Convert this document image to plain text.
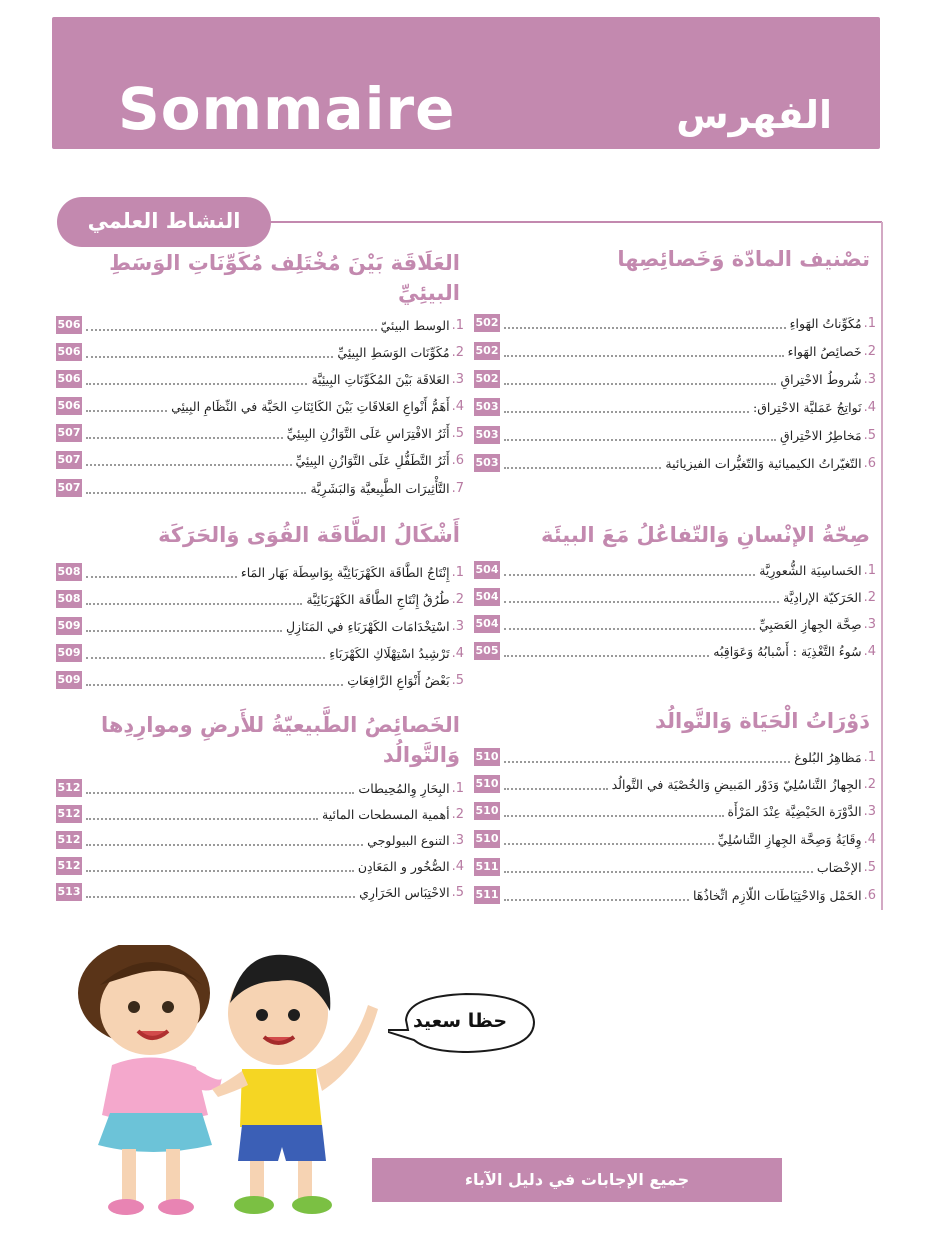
Sommaire	الفهرس
النشاط العلمي
تصْنيف المادّة وَخَصائِصِها
صِحّةُ الإنْسانِ وَالتّفاعُلُ مَعَ البيئَة
دَوْرَاتُ الْحَيَاة وَالتَّوالُد
العَلَاقَة بَيْنَ مُخْتَلِف مُكَوِّنَاتِ الوَسَطِ البيئِيِّ
أَشْكَالُ الطَّاقَة القُوَى وَالحَرَكَة
الخَصائِصُ الطَّبيعيّةُ للأَرضِ وموارِدِها وَالتَّوالُد
1.
مُكَوِّناتُ الهَواءِ
502
2.
خَصائِصُ الهَواء
502
3.
شُروطُ الاحْتِراقِ
502
4.
نَواتِجُ عَمَليَّة الاحْتِراق:
503
5.
مَخاطِرُ الاحْتِراقِ
503
6.
التّغيّراتُ الكيميائية وَالتّغيُّرات الفيزيائية
503
1.
الحَساسِيَة الشُّعورِيَّة
504
2.
الحَرَكيّة الإرادِيَّة
504
3.
صِحَّة الجِهازِ العَصَبِيِّ
504
4.
سُوءُ التَّغْذِيَة : أَسْبابُهُ وَعَوَاقِبُه
505
1.
مَظاهِرُ البُلوغ
510
2.
الجِهازُ التَّناسُلِيّ وَدَوْر المَبيضِ وَالخُصْيَة في التَّوالُد
510
3.
الدَّوْرَة الحَيْضِيَّة عِنْدَ المَرْأَة
510
4.
وِقَايَةُ وَصِحَّة الجِهازِ التَّناسُلِيِّ
510
5.
الإخْصَاب
511
6.
الحَمْل وَالاحْتِيَاطَات اللّازِم اتِّخاذُهَا
511
1.
الوسط البيئيّ
506
2.
مُكَوِّنَات الوَسَطِ البِيئِيِّ
506
3.
العَلاقَة بَيْنَ المُكَوِّنَاتِ البِيئِيَّة
506
4.
أَهَمُّ أَنْواعِ العَلاقَاتِ بَيْنَ الكَائِنَاتِ الحَيَّة في النِّظَامِ البِيئِي
506
5.
أَثَرُ الافْتِرَاسِ عَلَى التَّوَازُنِ البِيئِيِّ
507
6.
أَثَرُ التَّطَفُّلِ عَلَى التَّوَازُنِ البِيئِيِّ
507
7.
التَّأْثِيرَات الطَّبِيعيَّة وَالبَشَرِيَّة
507
1.
إِنْتَاجُ الطَّاقَة الكَهْرَبَائِيَّة بِوَاسِطَة بَهَار المَاء
508
2.
طُرُقُ إِنْتَاجِ الطَّاقَة الكَهْرَبَائِيَّة
508
3.
اسْتِخْدَامَات الكَهْرَبَاءِ في المَنَازِلِ
509
4.
تَرْشِيدُ اسْتِهْلَاكِ الكَهْرَبَاءِ
509
5.
بَعْضُ أَنْوَاعِ الرَّافِعَاتِ
509
1.
البِحَارِ وِالمُحِيطات
512
2.
أهمية المسطحات المائية
512
3.
التنوع البيولوجي
512
4.
الصُّخُور و المَعَادِن
512
5.
الاحْتِبَاس الحَرَارِي
513
حظا سعيد
جميع الإجابات في دليل الآباء
